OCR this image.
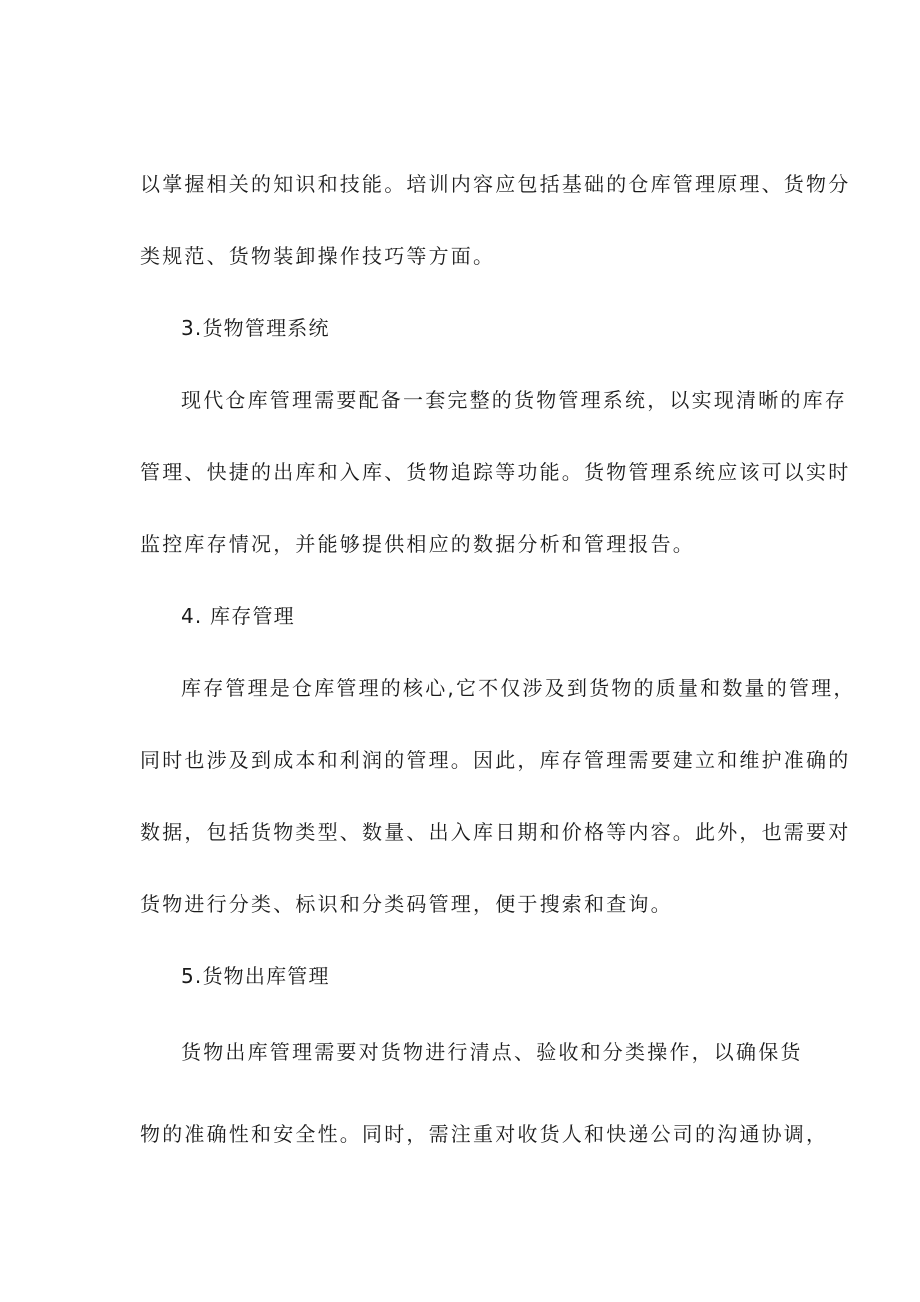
以掌握相关的知识和技能。培训内容应包括基础的仓库管理原理、货物分
类规范、货物装卸操作技巧等方面。
3.货物管理系统
现代仓库管理需要配备一套完整的货物管理系统，以实现清晰的库存
管理、快捷的出库和入库、货物追踪等功能。货物管理系统应该可以实时
监控库存情况，并能够提供相应的数据分析和管理报告。
4. 库存管理
库存管理是仓库管理的核心,它不仅涉及到货物的质量和数量的管理，
同时也涉及到成本和利润的管理。因此，库存管理需要建立和维护准确的
数据，包括货物类型、数量、出入库日期和价格等内容。此外，也需要对
货物进行分类、标识和分类码管理，便于搜索和查询。
5.货物出库管理
货物出库管理需要对货物进行清点、验收和分类操作，以确保货
物的准确性和安全性。同时，需注重对收货人和快递公司的沟通协调，
